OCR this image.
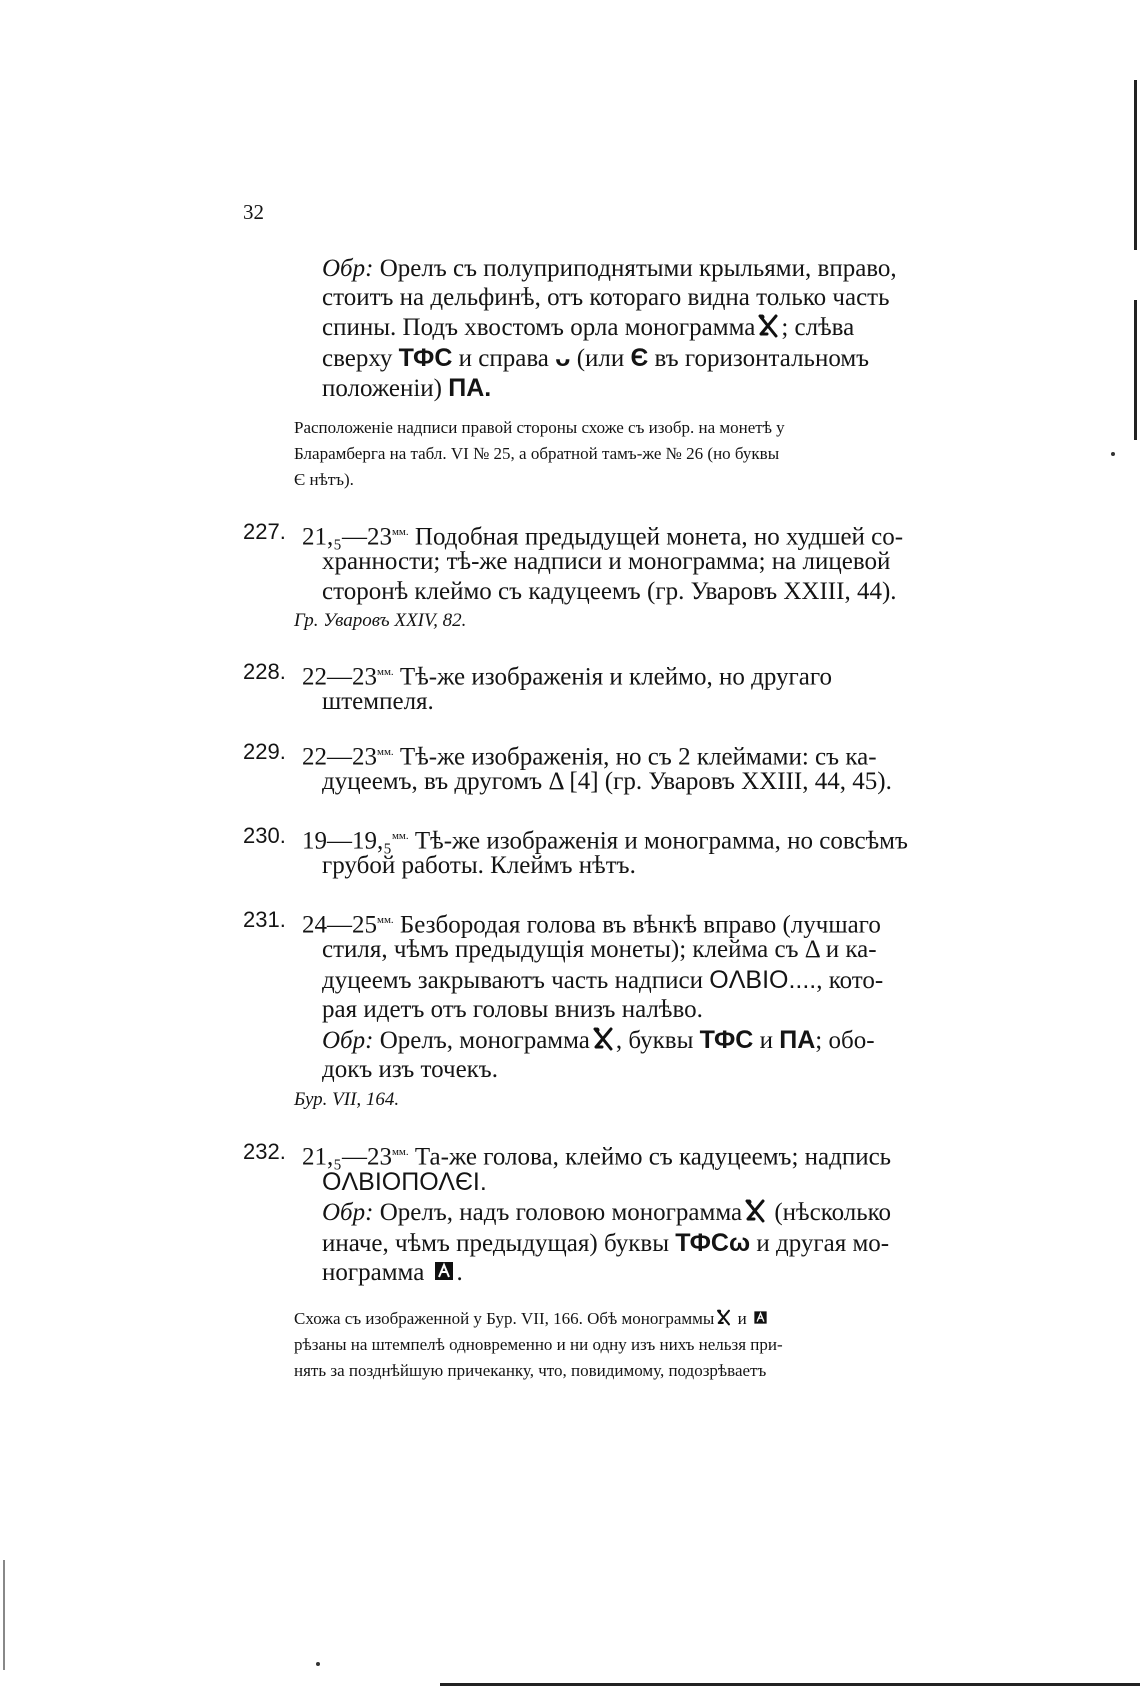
32
Обр: Орелъ съ полуприподнятыми крыльями, вправо,
стоитъ на дельфинѣ, отъ котораго видна только часть
спины. Подъ хвостомъ орла монограмма ; слѣва
сверху ТФС и справа ᴗ (или Є въ горизонтальномъ
положеніи) ПА.
Расположеніе надписи правой стороны схоже съ изобр. на монетѣ у
Бларамберга на табл. VI № 25, а обратной тамъ-же № 26 (но буквы
Є нѣтъ).
227. $21,_5—23^{мм.}$ Подобная предыдущей монета, но худшей со-
хранности; тѣ-же надписи и монограмма; на лицевой
сторонѣ клеймо съ кадуцеемъ (гр. Уваровъ XXIII, 44).
Гр. Уваровъ XXIV, 82.
228. $22—23^{мм.}$ Тѣ-же изображенія и клеймо, но другаго
штемпеля.
229. $22—23^{мм.}$ Тѣ-же изображенія, но съ 2 клеймами: съ ка-
дуцеемъ, въ другомъ Δ [4] (гр. Уваровъ XXIII, 44, 45).
230. 19—19,₅$^{мм.}$ Тѣ-же изображенія и монограмма, но совсѣмъ
грубой работы. Клеймъ нѣтъ.
231. $24—25^{мм.}$ Безбородая голова въ вѣнкѣ вправо (лучшаго
стиля, чѣмъ предыдущія монеты); клейма съ Δ и ка-
дуцеемъ закрываютъ часть надписи ОΛΒΙΟ...., кото-
рая идетъ отъ головы внизъ налѣво.
Обр: Орелъ, монограмма , буквы ТФС и ПА; обо-
докъ изъ точекъ.
Бур. VII, 164.
232. $21,_5—23^{мм.}$ Та-же голова, клеймо съ кадуцеемъ; надпись
ОΛΒΙΟΠΟΛЄΙ.
Обр: Орелъ, надъ головою монограмма
(нѣсколько
иначе, чѣмъ предыдущая) буквы ТФСω и другая мо-
нограмма
.
Схожа съ изображенной у Бур. VII, 166. Обѣ монограммы
и
рѣзаны на штемпелѣ одновременно и ни одну изъ нихъ нельзя при-
нять за позднѣйшую причеканку, что, повидимому, подозрѣваетъ
